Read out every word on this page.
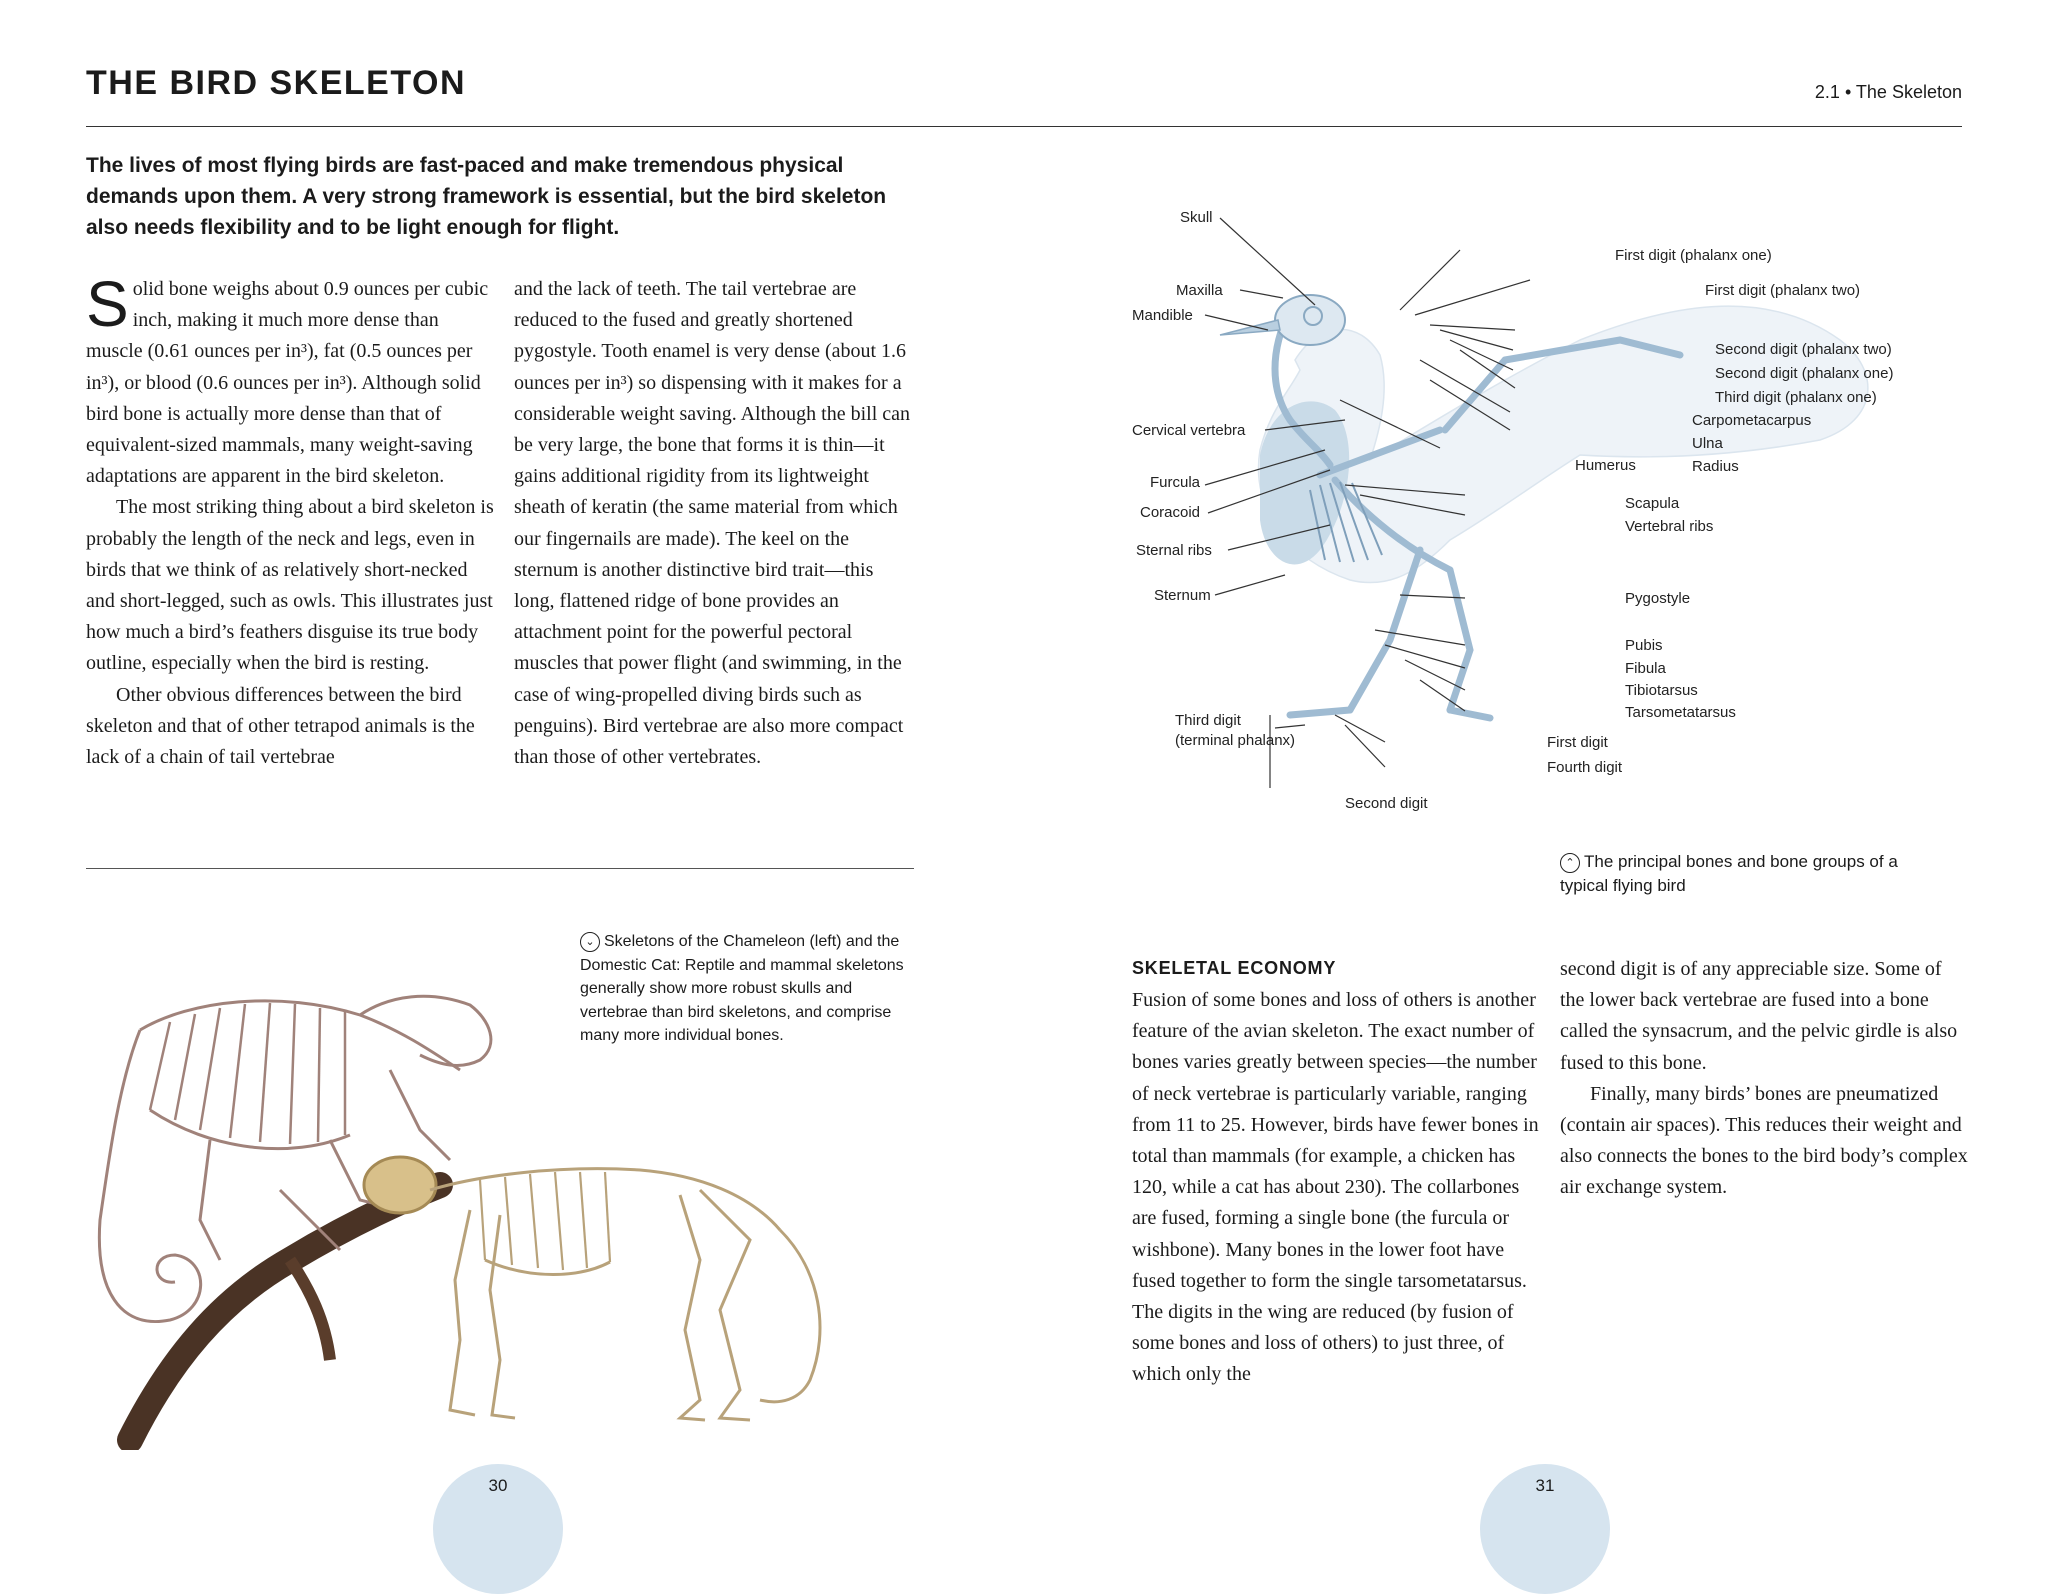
THE BIRD SKELETON	2.1 • The Skeleton
The lives of most flying birds are fast-paced and make tremendous physical demands upon them. A very strong framework is essential, but the bird skeleton also needs flexibility and to be light enough for flight.

Solid bone weighs about 0.9 ounces per cubic inch, making it much more dense than muscle (0.61 ounces per in³), fat (0.5 ounces per in³), or blood (0.6 ounces per in³). Although solid bird bone is actually more dense than that of equivalent-sized mammals, many weight-saving adaptations are apparent in the bird skeleton.

The most striking thing about a bird skeleton is probably the length of the neck and legs, even in birds that we think of as relatively short-necked and short-legged, such as owls. This illustrates just how much a bird’s feathers disguise its true body outline, especially when the bird is resting.

Other obvious differences between the bird skeleton and that of other tetrapod animals is the lack of a chain of tail vertebrae

and the lack of teeth. The tail vertebrae are reduced to the fused and greatly shortened pygostyle. Tooth enamel is very dense (about 1.6 ounces per in³) so dispensing with it makes for a considerable weight saving. Although the bill can be very large, the bone that forms it is thin—it gains additional rigidity from its lightweight sheath of keratin (the same material from which our fingernails are made). The keel on the sternum is another distinctive bird trait—this long, flattened ridge of bone provides an attachment point for the powerful pectoral muscles that power flight (and swimming, in the case of wing-propelled diving birds such as penguins). Bird vertebrae are also more compact than those of other vertebrates.

⌄ Skeletons of the Chameleon (left) and the Domestic Cat: Reptile and mammal skeletons generally show more robust skulls and vertebrae than bird skeletons, and comprise many more individual bones.
Skull
Maxilla
Mandible
Cervical vertebra
Furcula
Coracoid
Sternal ribs
Sternum
Third digit
(terminal phalanx)
Second digit
First digit (phalanx one)
First digit (phalanx two)
Second digit (phalanx two)
Second digit (phalanx one)
Third digit (phalanx one)
Carpometacarpus
Ulna
Humerus	Radius
Scapula
Vertebral ribs
Pygostyle
Pubis
Fibula
Tibiotarsus
Tarsometatarsus
First digit
Fourth digit
⌃ The principal bones and bone groups of a typical flying bird
SKELETAL ECONOMY

Fusion of some bones and loss of others is another feature of the avian skeleton. The exact number of bones varies greatly between species—the number of neck vertebrae is particularly variable, ranging from 11 to 25. However, birds have fewer bones in total than mammals (for example, a chicken has 120, while a cat has about 230). The collarbones are fused, forming a single bone (the furcula or wishbone). Many bones in the lower foot have fused together to form the single tarsometatarsus. The digits in the wing are reduced (by fusion of some bones and loss of others) to just three, of which only the

second digit is of any appreciable size. Some of the lower back vertebrae are fused into a bone called the synsacrum, and the pelvic girdle is also fused to this bone.

Finally, many birds’ bones are pneumatized (contain air spaces). This reduces their weight and also connects the bones to the bird body’s complex air exchange system.

30	31
